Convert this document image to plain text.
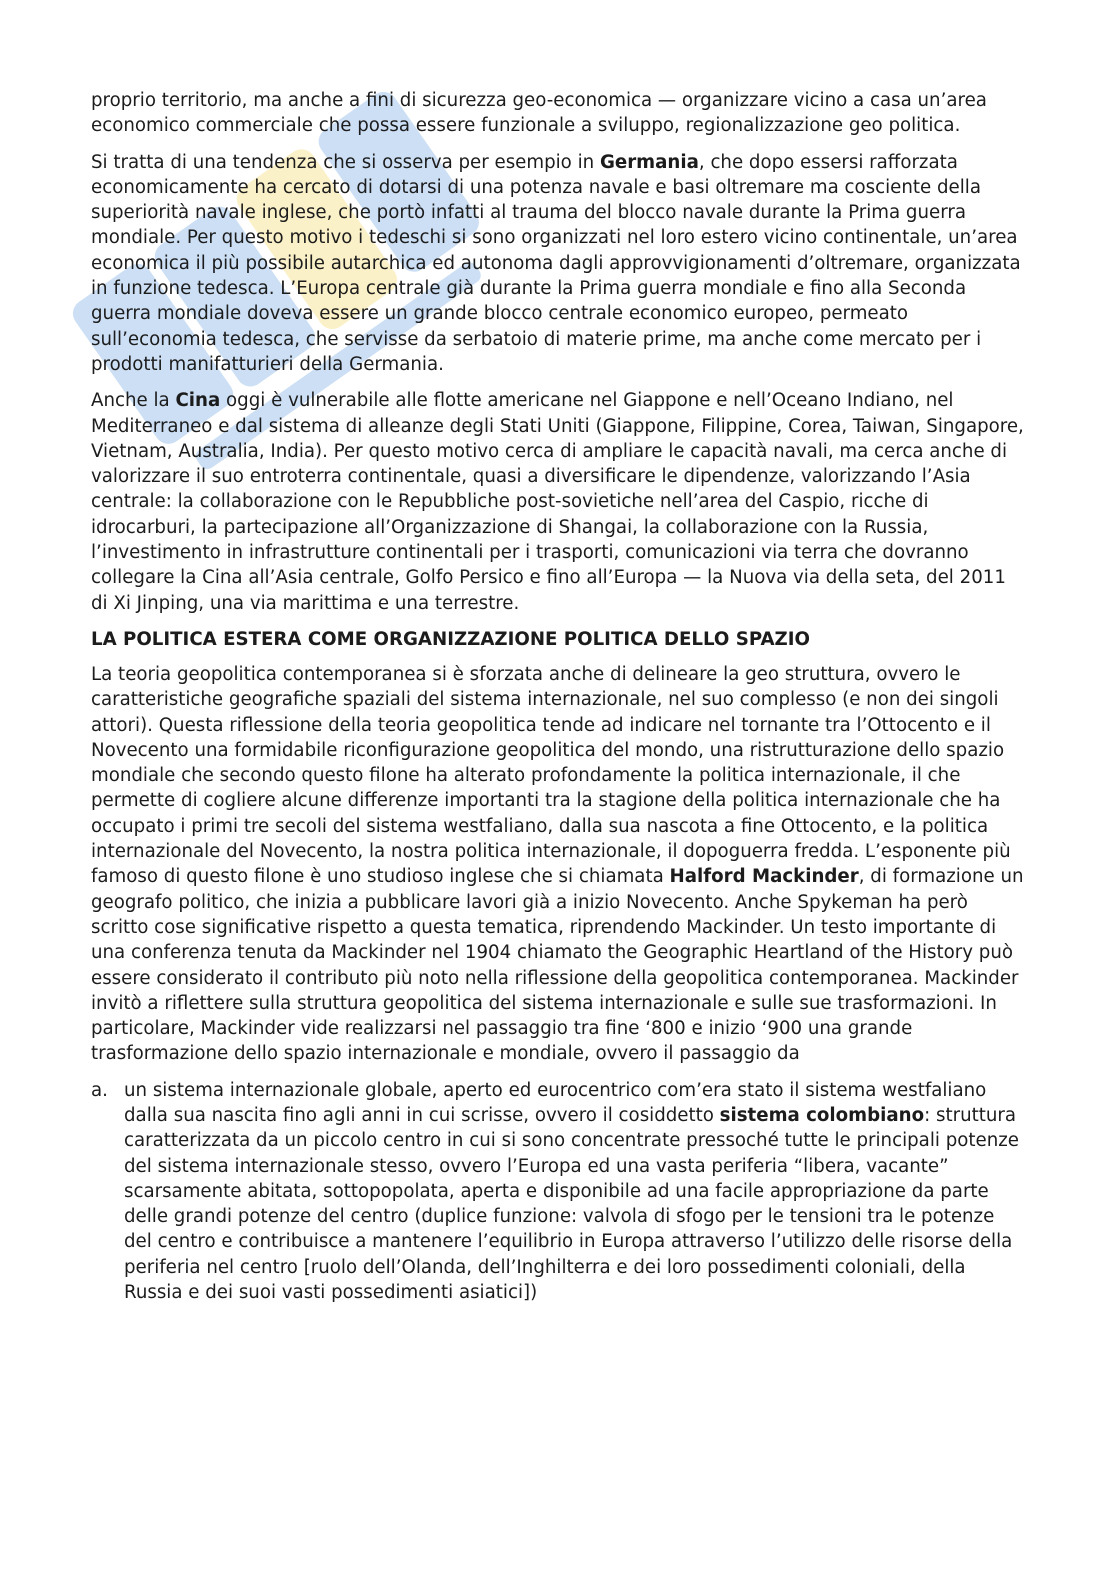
proprio territorio, ma anche a fini di sicurezza geo-economica — organizzare vicino a casa un’area economico commerciale che possa essere funzionale a sviluppo, regionalizzazione geo politica.

Si tratta di una tendenza che si osserva per esempio in Germania, che dopo essersi rafforzata economicamente ha cercato di dotarsi di una potenza navale e basi oltremare ma cosciente della superiorità navale inglese, che portò infatti al trauma del blocco navale durante la Prima guerra mondiale. Per questo motivo i tedeschi si sono organizzati nel loro estero vicino continentale, un’area economica il più possibile autarchica ed autonoma dagli approvvigionamenti d’oltremare, organizzata in funzione tedesca. L’Europa centrale già durante la Prima guerra mondiale e fino alla Seconda guerra mondiale doveva essere un grande blocco centrale economico europeo, permeato sull’economia tedesca, che servisse da serbatoio di materie prime, ma anche come mercato per i prodotti manifatturieri della Germania.

Anche la Cina oggi è vulnerabile alle flotte americane nel Giappone e nell’Oceano Indiano, nel Mediterraneo e dal sistema di alleanze degli Stati Uniti (Giappone, Filippine, Corea, Taiwan, Singapore, Vietnam, Australia, India). Per questo motivo cerca di ampliare le capacità navali, ma cerca anche di valorizzare il suo entroterra continentale, quasi a diversificare le dipendenze, valorizzando l’Asia centrale: la collaborazione con le Repubbliche post-sovietiche nell’area del Caspio, ricche di idrocarburi, la partecipazione all’Organizzazione di Shangai, la collaborazione con la Russia, l’investimento in infrastrutture continentali per i trasporti, comunicazioni via terra che dovranno collegare la Cina all’Asia centrale, Golfo Persico e fino all’Europa — la Nuova via della seta, del 2011 di Xi Jinping, una via marittima e una terrestre.

LA POLITICA ESTERA COME ORGANIZZAZIONE POLITICA DELLO SPAZIO

La teoria geopolitica contemporanea si è sforzata anche di delineare la geo struttura, ovvero le caratteristiche geografiche spaziali del sistema internazionale, nel suo complesso (e non dei singoli attori). Questa riflessione della teoria geopolitica tende ad indicare nel tornante tra l’Ottocento e il Novecento una formidabile riconfigurazione geopolitica del mondo, una ristrutturazione dello spazio mondiale che secondo questo filone ha alterato profondamente la politica internazionale, il che permette di cogliere alcune differenze importanti tra la stagione della politica internazionale che ha occupato i primi tre secoli del sistema westfaliano, dalla sua nascota a fine Ottocento, e la politica internazionale del Novecento, la nostra politica internazionale, il dopoguerra fredda. L’esponente più famoso di questo filone è uno studioso inglese che si chiamata Halford Mackinder, di formazione un geografo politico, che inizia a pubblicare lavori già a inizio Novecento. Anche Spykeman ha però scritto cose significative rispetto a questa tematica, riprendendo Mackinder. Un testo importante di una conferenza tenuta da Mackinder nel 1904 chiamato the Geographic Heartland of the History può essere considerato il contributo più noto nella riflessione della geopolitica contemporanea. Mackinder invitò a riflettere sulla struttura geopolitica del sistema internazionale e sulle sue trasformazioni. In particolare, Mackinder vide realizzarsi nel passaggio tra fine ‘800 e inizio ‘900 una grande trasformazione dello spazio internazionale e mondiale, ovvero il passaggio da

a. un sistema internazionale globale, aperto ed eurocentrico com’era stato il sistema westfaliano dalla sua nascita fino agli anni in cui scrisse, ovvero il cosiddetto sistema colombiano: struttura caratterizzata da un piccolo centro in cui si sono concentrate pressoché tutte le principali potenze del sistema internazionale stesso, ovvero l’Europa ed una vasta periferia “libera, vacante” scarsamente abitata, sottopopolata, aperta e disponibile ad una facile appropriazione da parte delle grandi potenze del centro (duplice funzione: valvola di sfogo per le tensioni tra le potenze del centro e contribuisce a mantenere l’equilibrio in Europa attraverso l’utilizzo delle risorse della periferia nel centro [ruolo dell’Olanda, dell’Inghilterra e dei loro possedimenti coloniali, della Russia e dei suoi vasti possedimenti asiatici])
